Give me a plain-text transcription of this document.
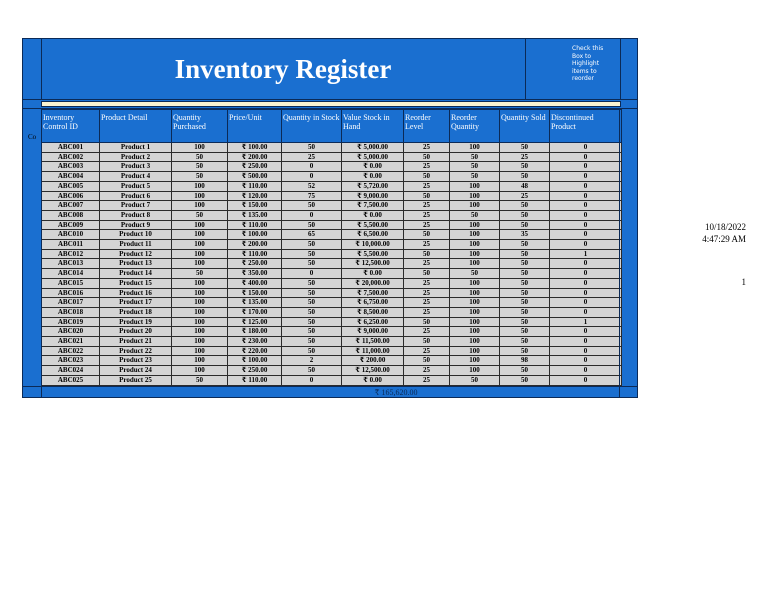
Inventory Register
Check this Box to Highlight items to reorder
Co
Inventory Control ID	Product Detail	Quantity Purchased	Price/Unit	Quantity in Stock	Value Stock in Hand	Reorder Level	Reorder Quantity	Quantity Sold	Discontinued Product
ABC001	Product 1	100	₹ 100.00	50	₹ 5,000.00	25	100	50	0
ABC002	Product 2	50	₹ 200.00	25	₹ 5,000.00	50	50	25	0
ABC003	Product 3	50	₹ 250.00	0	₹ 0.00	25	50	50	0
ABC004	Product 4	50	₹ 500.00	0	₹ 0.00	50	50	50	0
ABC005	Product 5	100	₹ 110.00	52	₹ 5,720.00	25	100	48	0
ABC006	Product 6	100	₹ 120.00	75	₹ 9,000.00	50	100	25	0
ABC007	Product 7	100	₹ 150.00	50	₹ 7,500.00	25	100	50	0
ABC008	Product 8	50	₹ 135.00	0	₹ 0.00	25	50	50	0
ABC009	Product 9	100	₹ 110.00	50	₹ 5,500.00	25	100	50	0
ABC010	Product 10	100	₹ 100.00	65	₹ 6,500.00	50	100	35	0
ABC011	Product 11	100	₹ 200.00	50	₹ 10,000.00	25	100	50	0
ABC012	Product 12	100	₹ 110.00	50	₹ 5,500.00	50	100	50	1
ABC013	Product 13	100	₹ 250.00	50	₹ 12,500.00	25	100	50	0
ABC014	Product 14	50	₹ 350.00	0	₹ 0.00	50	50	50	0
ABC015	Product 15	100	₹ 400.00	50	₹ 20,000.00	25	100	50	0
ABC016	Product 16	100	₹ 150.00	50	₹ 7,500.00	25	100	50	0
ABC017	Product 17	100	₹ 135.00	50	₹ 6,750.00	25	100	50	0
ABC018	Product 18	100	₹ 170.00	50	₹ 8,500.00	25	100	50	0
ABC019	Product 19	100	₹ 125.00	50	₹ 6,250.00	50	100	50	1
ABC020	Product 20	100	₹ 180.00	50	₹ 9,000.00	25	100	50	0
ABC021	Product 21	100	₹ 230.00	50	₹ 11,500.00	50	100	50	0
ABC022	Product 22	100	₹ 220.00	50	₹ 11,000.00	25	100	50	0
ABC023	Product 23	100	₹ 100.00	2	₹ 200.00	50	100	98	0
ABC024	Product 24	100	₹ 250.00	50	₹ 12,500.00	25	100	50	0
ABC025	Product 25	50	₹ 110.00	0	₹ 0.00	25	50	50	0
₹ 165,620.00
10/18/2022
4:47:29 AM
1
